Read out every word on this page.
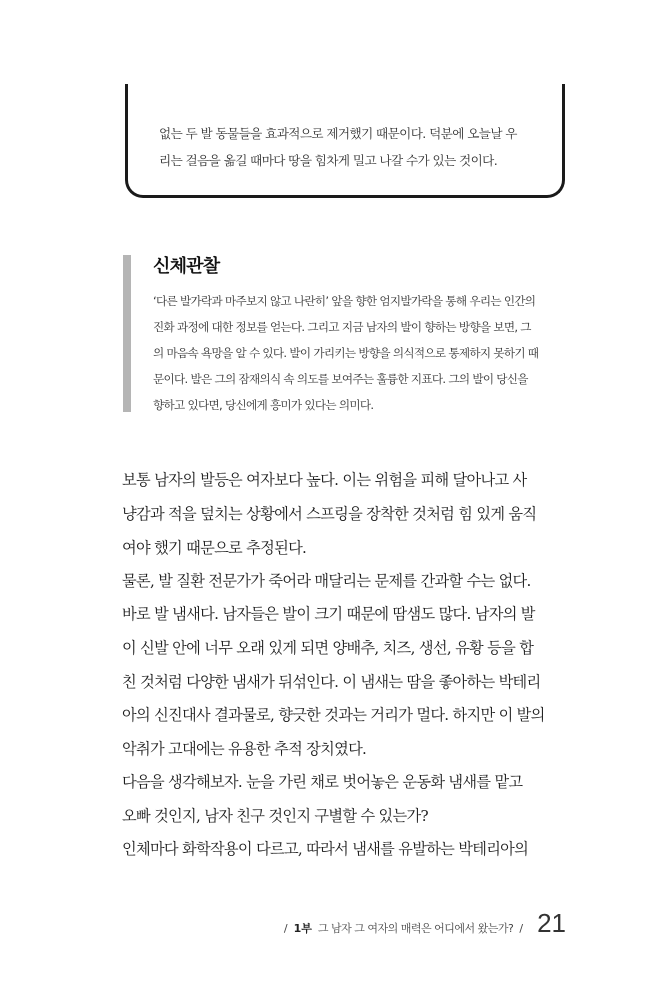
없는 두 발 동물들을 효과적으로 제거했기 때문이다. 덕분에 오늘날 우
리는 걸음을 옮길 때마다 땅을 힘차게 밀고 나갈 수가 있는 것이다.
신체관찰
‘다른 발가락과 마주보지 않고 나란히’ 앞을 향한 엄지발가락을 통해 우리는 인간의
진화 과정에 대한 정보를 얻는다. 그리고 지금 남자의 발이 향하는 방향을 보면, 그
의 마음속 욕망을 알 수 있다. 발이 가리키는 방향을 의식적으로 통제하지 못하기 때
문이다. 발은 그의 잠재의식 속 의도를 보여주는 훌륭한 지표다. 그의 발이 당신을
향하고 있다면, 당신에게 흥미가 있다는 의미다.
보통 남자의 발등은 여자보다 높다. 이는 위험을 피해 달아나고 사
냥감과 적을 덮치는 상황에서 스프링을 장착한 것처럼 힘 있게 움직
여야 했기 때문으로 추정된다.
물론, 발 질환 전문가가 죽어라 매달리는 문제를 간과할 수는 없다.
바로 발 냄새다. 남자들은 발이 크기 때문에 땀샘도 많다. 남자의 발
이 신발 안에 너무 오래 있게 되면 양배추, 치즈, 생선, 유황 등을 합
친 것처럼 다양한 냄새가 뒤섞인다. 이 냄새는 땀을 좋아하는 박테리
아의 신진대사 결과물로, 향긋한 것과는 거리가 멀다. 하지만 이 발의
악취가 고대에는 유용한 추적 장치였다.
다음을 생각해보자. 눈을 가린 채로 벗어놓은 운동화 냄새를 맡고
오빠 것인지, 남자 친구 것인지 구별할 수 있는가?
인체마다 화학작용이 다르고, 따라서 냄새를 유발하는 박테리아의
/ 1부 그 남자 그 여자의 매력은 어디에서 왔는가? / 21
